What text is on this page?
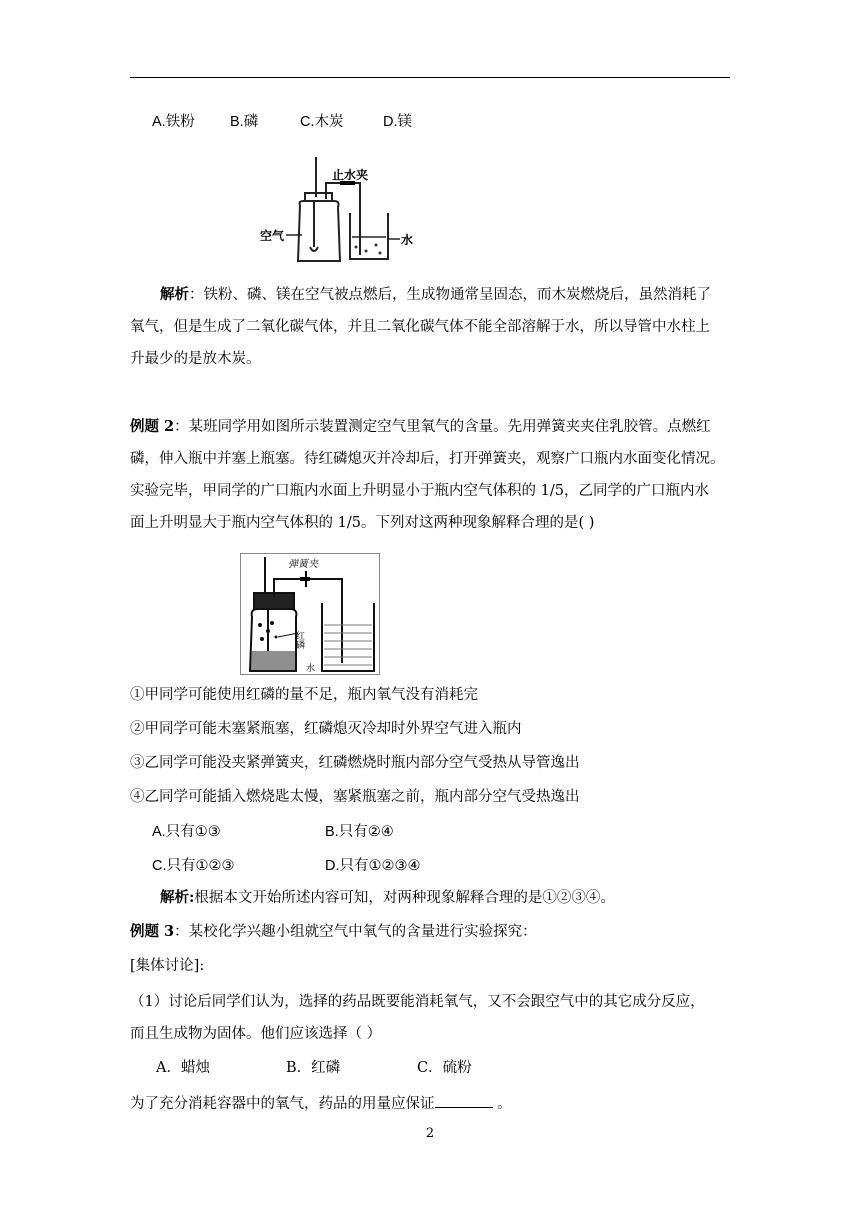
A.铁粉 B.磷	C.木炭	D.镁
止水夹
空气	水
解析：铁粉、磷、镁在空气被点燃后，生成物通常呈固态，而木炭燃烧后，虽然消耗了
氧气，但是生成了二氧化碳气体，并且二氧化碳气体不能全部溶解于水，所以导管中水柱上
升最少的是放木炭。
例题 2：某班同学用如图所示装置测定空气里氧气的含量。先用弹簧夹夹住乳胶管。点燃红
磷，伸入瓶中并塞上瓶塞。待红磷熄灭并冷却后，打开弹簧夹，观察广口瓶内水面变化情况。
实验完毕，甲同学的广口瓶内水面上升明显小于瓶内空气体积的 1/5，乙同学的广口瓶内水
面上升明显大于瓶内空气体积的 1/5。下列对这两种现象解释合理的是( )
弹簧夹
红磷
水
①甲同学可能使用红磷的量不足，瓶内氧气没有消耗完
②甲同学可能未塞紧瓶塞，红磷熄灭冷却时外界空气进入瓶内
③乙同学可能没夹紧弹簧夹，红磷燃烧时瓶内部分空气受热从导管逸出
④乙同学可能插入燃烧匙太慢，塞紧瓶塞之前，瓶内部分空气受热逸出
A.只有①③	B.只有②④
C.只有①②③	D.只有①②③④
解析:根据本文开始所述内容可知，对两种现象解释合理的是①②③④。
例题 3：某校化学兴趣小组就空气中氧气的含量进行实验探究：
[集体讨论]:
（1）讨论后同学们认为，选择的药品既要能消耗氧气，又不会跟空气中的其它成分反应，
而且生成物为固体。他们应该选择（ ）
A．蜡烛	B．红磷	C．硫粉
为了充分消耗容器中的氧气，药品的用量应保证	。
2
